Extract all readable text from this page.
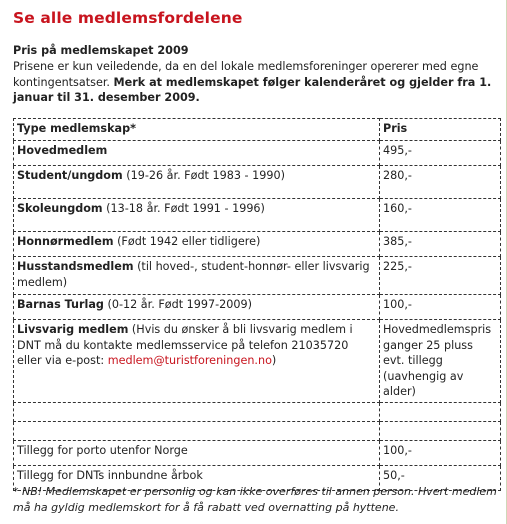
Se alle medlemsfordelene

Pris på medlemskapet 2009
Prisene er kun veiledende, da en del lokale medlemsforeninger opererer med egne kontingentsatser. Merk at medlemskapet følger kalenderåret og gjelder fra 1. januar til 31. desember 2009.

Type medlemskap*	Pris
Hovedmedlem	495,-
Student/ungdom (19-26 år. Født 1983 - 1990)	280,-
Skoleungdom (13-18 år. Født 1991 - 1996)	160,-
Honnørmedlem (Født 1942 eller tidligere)	385,-
Husstandsmedlem (til hoved-, student-honnør- eller livsvarig medlem)	225,-
Barnas Turlag (0-12 år. Født 1997-2009)	100,-
Livsvarig medlem (Hvis du ønsker å bli livsvarig medlem i DNT må du kontakte medlemsservice på telefon 21035720 eller via e-post: medlem@turistforeningen.no)	Hovedmedlemspris ganger 25 pluss evt. tillegg (uavhengig av alder)

Tillegg for porto utenfor Norge	100,-
Tillegg for DNTs innbundne årbok	50,-

* NB! Medlemskapet er personlig og kan ikke overføres til annen person. Hvert medlem må ha gyldig medlemskort for å få rabatt ved overnatting på hyttene.
